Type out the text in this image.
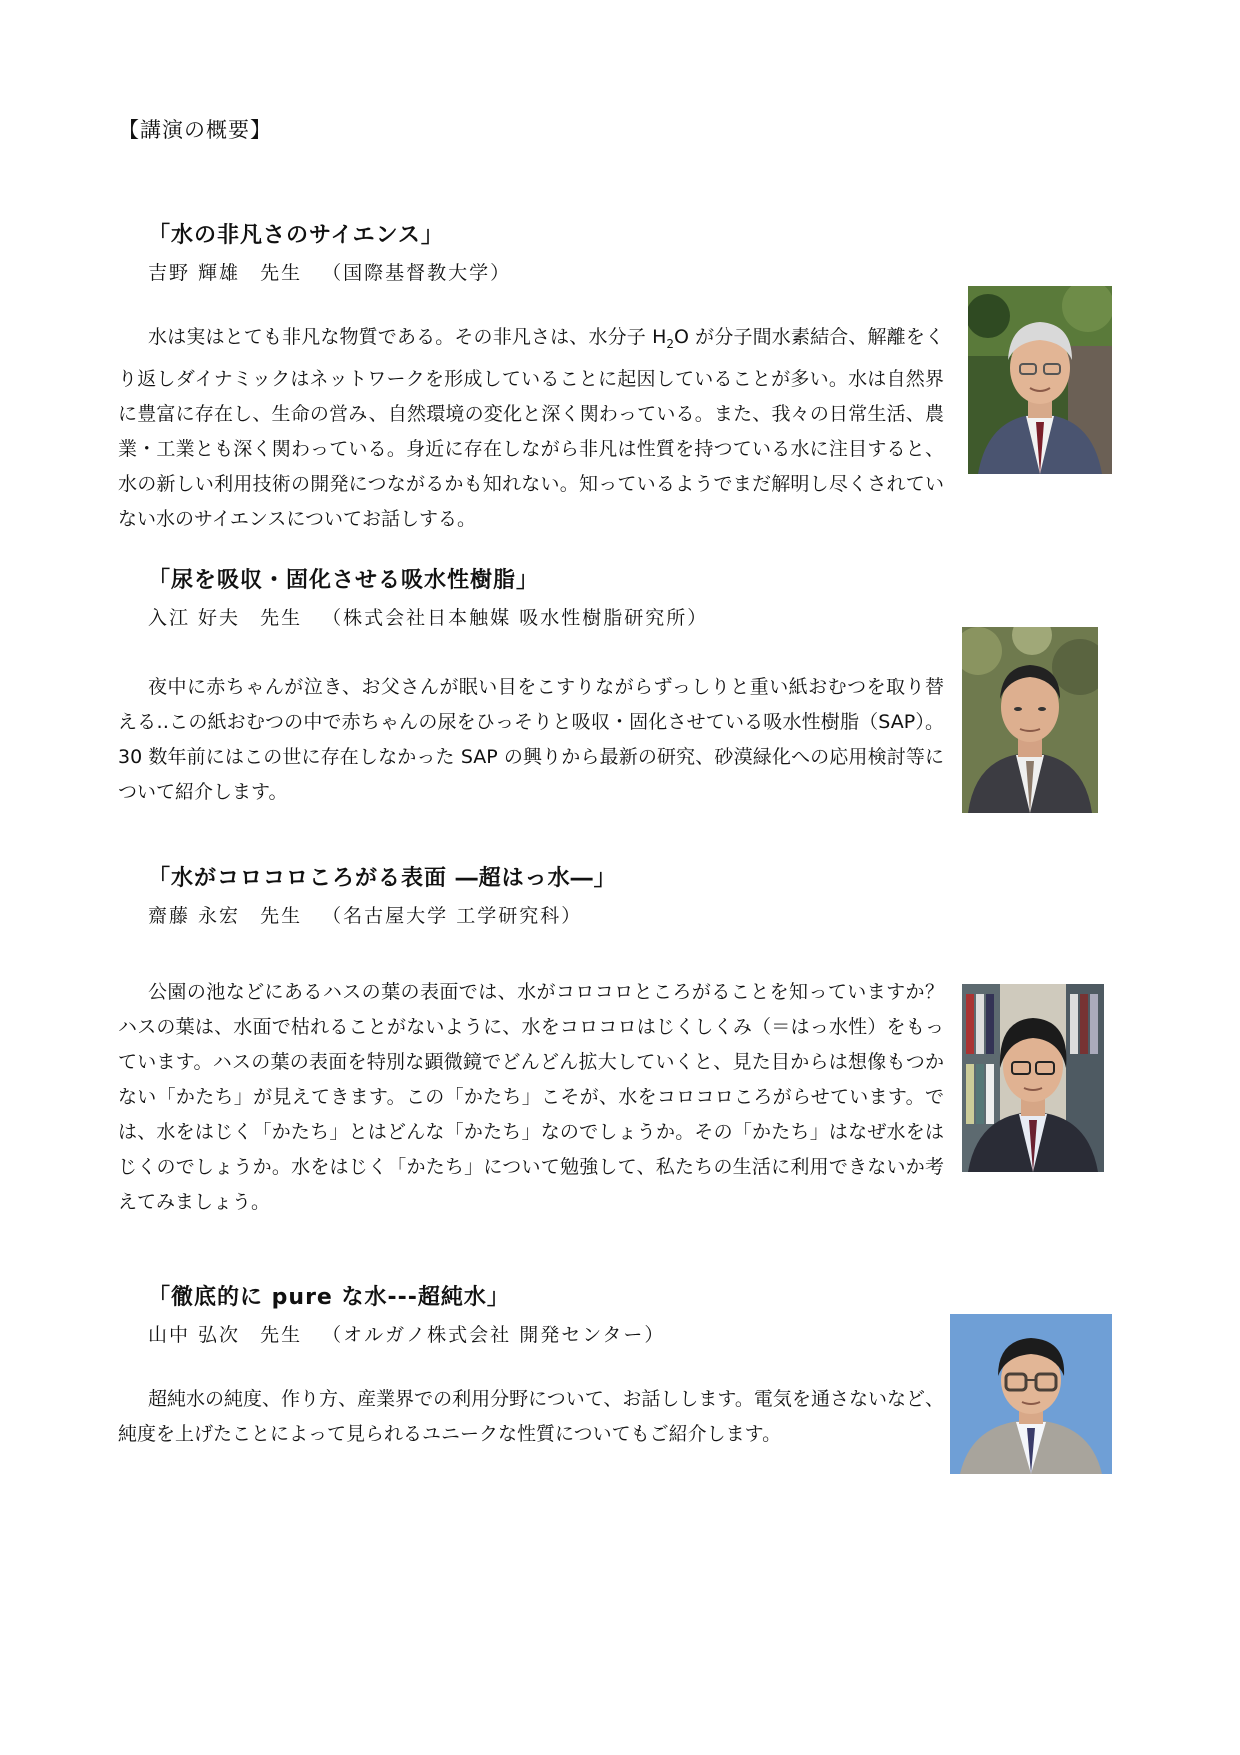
【講演の概要】
「水の非凡さのサイエンス」
吉野 輝雄 先生 （国際基督教大学）

水は実はとても非凡な物質である。その非凡さは、水分子 $H_2O$ が分子間水素結合、解離をくり返しダイナミックはネットワークを形成していることに起因していることが多い。水は自然界に豊富に存在し、生命の営み、自然環境の変化と深く関わっている。また、我々の日常生活、農業・工業とも深く関わっている。身近に存在しながら非凡は性質を持つている水に注目すると、水の新しい利用技術の開発につながるかも知れない。知っているようでまだ解明し尽くされていない水のサイエンスについてお話しする。

「尿を吸収・固化させる吸水性樹脂」
入江 好夫 先生 （株式会社日本触媒 吸水性樹脂研究所）

夜中に赤ちゃんが泣き、お父さんが眠い目をこすりながらずっしりと重い紙おむつを取り替える‥この紙おむつの中で赤ちゃんの尿をひっそりと吸収・固化させている吸水性樹脂（SAP）。30 数年前にはこの世に存在しなかった SAP の興りから最新の研究、砂漠緑化への応用検討等について紹介します。

「水がコロコロころがる表面 ―超はっ水―」
齋藤 永宏 先生 （名古屋大学 工学研究科）

公園の池などにあるハスの葉の表面では、水がコロコロところがることを知っていますか？ハスの葉は、水面で枯れることがないように、水をコロコロはじくしくみ（＝はっ水性）をもっています。ハスの葉の表面を特別な顕微鏡でどんどん拡大していくと、見た目からは想像もつかない「かたち」が見えてきます。この「かたち」こそが、水をコロコロころがらせています。では、水をはじく「かたち」とはどんな「かたち」なのでしょうか。その「かたち」はなぜ水をはじくのでしょうか。水をはじく「かたち」について勉強して、私たちの生活に利用できないか考えてみましょう。

「徹底的に pure な水---超純水」
山中 弘次 先生 （オルガノ株式会社 開発センター）

超純水の純度、作り方、産業界での利用分野について、お話しします。電気を通さないなど、純度を上げたことによって見られるユニークな性質についてもご紹介します。
